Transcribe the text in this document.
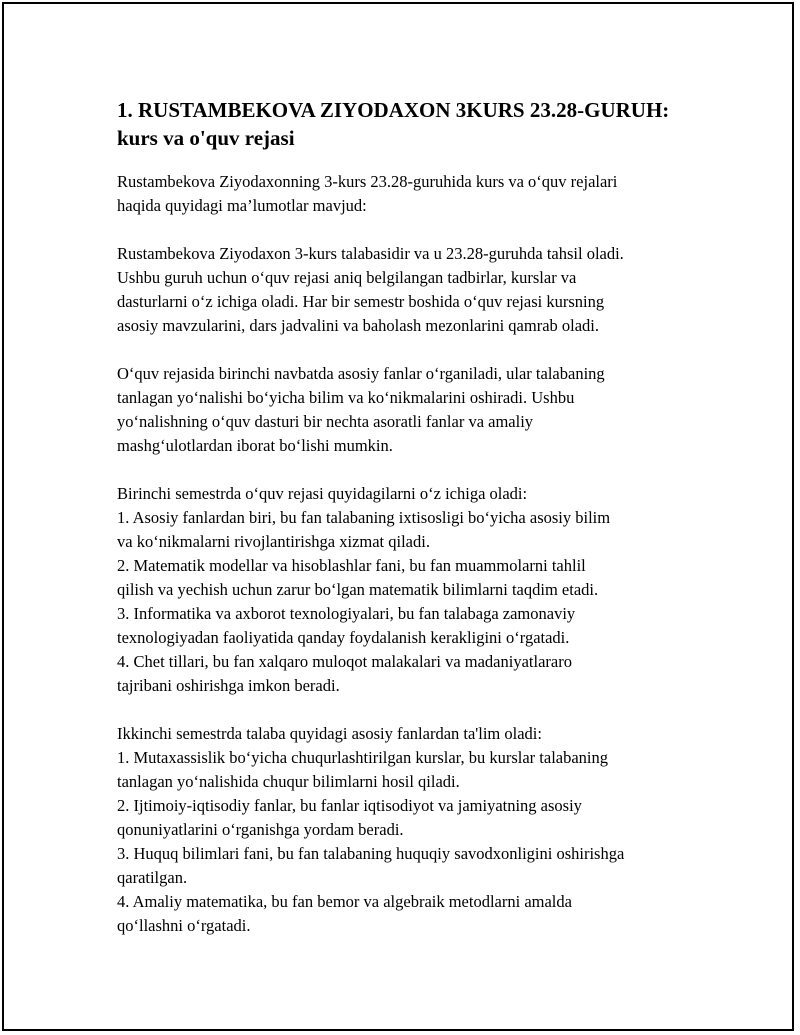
1. RUSTAMBEKOVA ZIYODAXON 3KURS 23.28-GURUH:
kurs va o'quv rejasi
Rustambekova Ziyodaxonning 3-kurs 23.28-guruhida kurs va o‘quv rejalari
haqida quyidagi ma’lumotlar mavjud:
Rustambekova Ziyodaxon 3-kurs talabasidir va u 23.28-guruhda tahsil oladi.
Ushbu guruh uchun o‘quv rejasi aniq belgilangan tadbirlar, kurslar va
dasturlarni o‘z ichiga oladi. Har bir semestr boshida o‘quv rejasi kursning
asosiy mavzularini, dars jadvalini va baholash mezonlarini qamrab oladi.
O‘quv rejasida birinchi navbatda asosiy fanlar o‘rganiladi, ular talabaning
tanlagan yo‘nalishi bo‘yicha bilim va ko‘nikmalarini oshiradi. Ushbu
yo‘nalishning o‘quv dasturi bir nechta asoratli fanlar va amaliy
mashg‘ulotlardan iborat bo‘lishi mumkin.
Birinchi semestrda o‘quv rejasi quyidagilarni o‘z ichiga oladi:
1. Asosiy fanlardan biri, bu fan talabaning ixtisosligi bo‘yicha asosiy bilim
va ko‘nikmalarni rivojlantirishga xizmat qiladi.
2. Matematik modellar va hisoblashlar fani, bu fan muammolarni tahlil
qilish va yechish uchun zarur bo‘lgan matematik bilimlarni taqdim etadi.
3. Informatika va axborot texnologiyalari, bu fan talabaga zamonaviy
texnologiyadan faoliyatida qanday foydalanish kerakligini o‘rgatadi.
4. Chet tillari, bu fan xalqaro muloqot malakalari va madaniyatlararo
tajribani oshirishga imkon beradi.
Ikkinchi semestrda talaba quyidagi asosiy fanlardan ta'lim oladi:
1. Mutaxassislik bo‘yicha chuqurlashtirilgan kurslar, bu kurslar talabaning
tanlagan yo‘nalishida chuqur bilimlarni hosil qiladi.
2. Ijtimoiy-iqtisodiy fanlar, bu fanlar iqtisodiyot va jamiyatning asosiy
qonuniyatlarini o‘rganishga yordam beradi.
3. Huquq bilimlari fani, bu fan talabaning huquqiy savodxonligini oshirishga
qaratilgan.
4. Amaliy matematika, bu fan bemor va algebraik metodlarni amalda
qo‘llashni o‘rgatadi.
